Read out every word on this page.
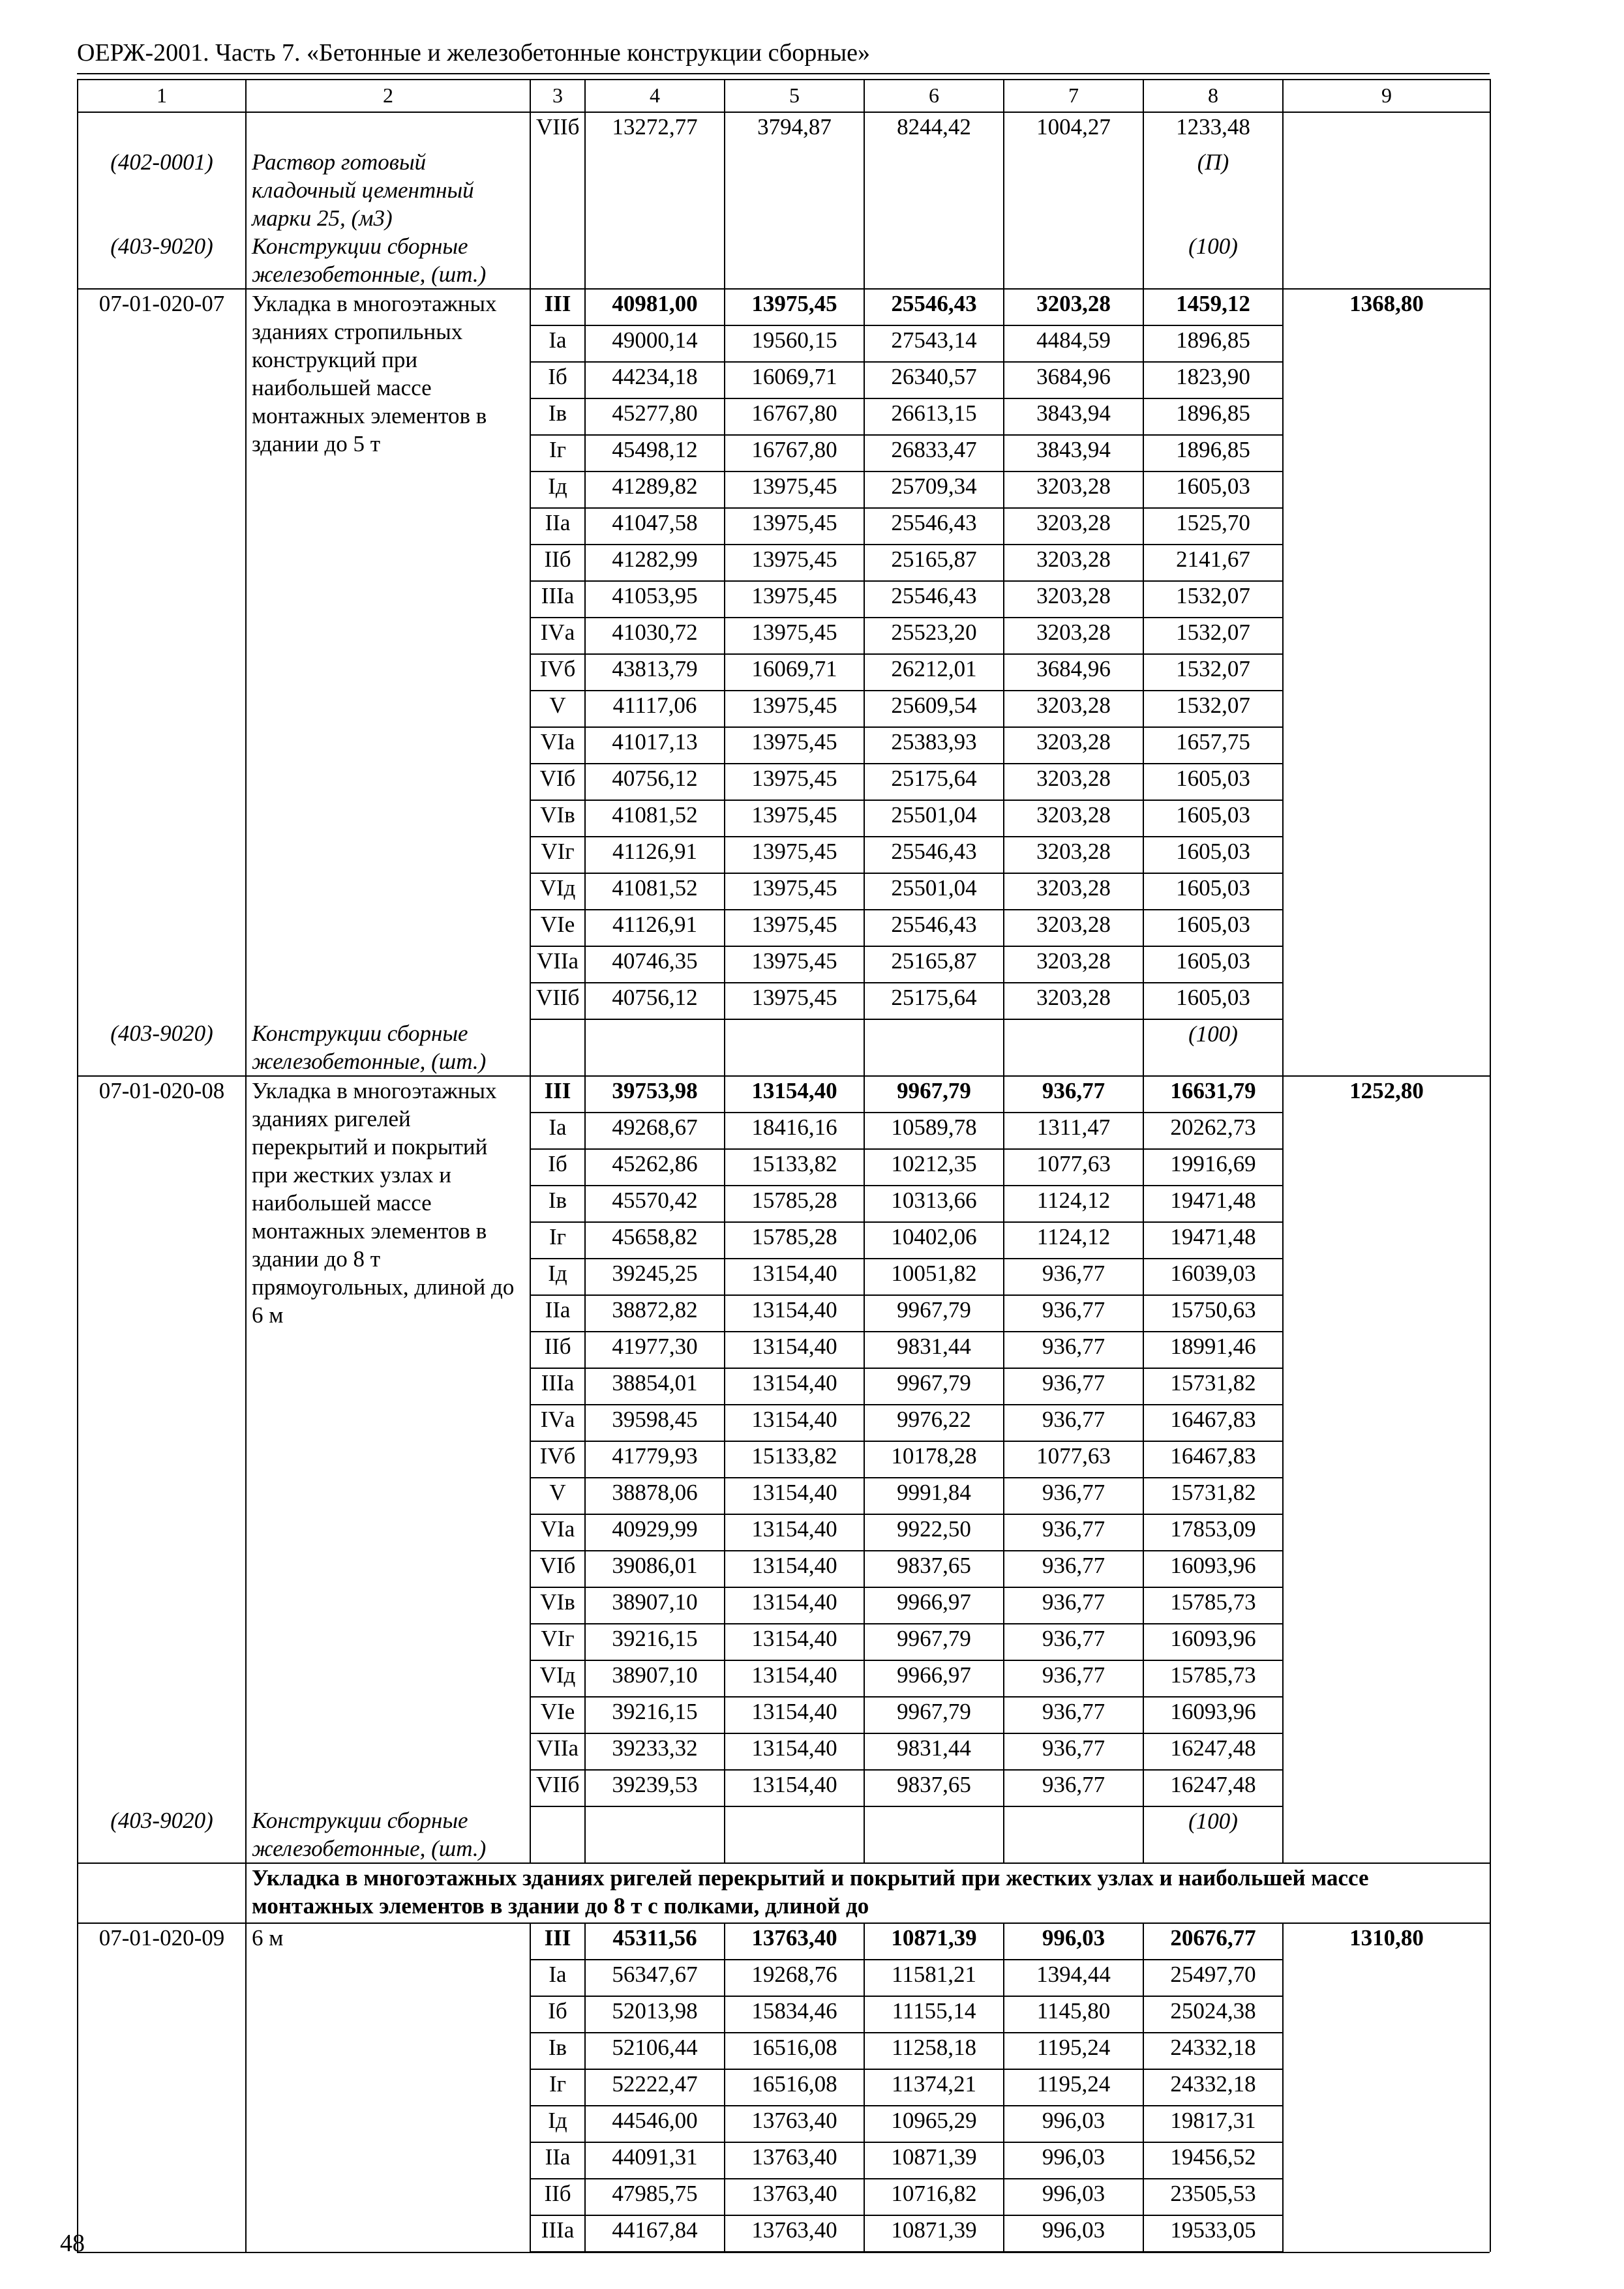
ОЕРЖ-2001. Часть 7. «Бетонные и железобетонные конструкции сборные»
1	2	3	4	5	6	7	8	9
		VIIб	13272,77	3794,87	8244,42	1004,27	1233,48	
(402-0001)	Раствор готовый кладочный цементный марки 25, (м3)						(П)	
(403-9020)	Конструкции сборные железобетонные, (шт.)						(100)	
07-01-020-07	Укладка в многоэтажных зданиях стропильных конструкций при наибольшей массе монтажных элементов в здании до 5 т	III	40981,00	13975,45	25546,43	3203,28	1459,12	1368,80
		Iа	49000,14	19560,15	27543,14	4484,59	1896,85	
		Iб	44234,18	16069,71	26340,57	3684,96	1823,90	
		Iв	45277,80	16767,80	26613,15	3843,94	1896,85	
		Iг	45498,12	16767,80	26833,47	3843,94	1896,85	
		Iд	41289,82	13975,45	25709,34	3203,28	1605,03	
		IIа	41047,58	13975,45	25546,43	3203,28	1525,70	
		IIб	41282,99	13975,45	25165,87	3203,28	2141,67	
		IIIа	41053,95	13975,45	25546,43	3203,28	1532,07	
		IVа	41030,72	13975,45	25523,20	3203,28	1532,07	
		IVб	43813,79	16069,71	26212,01	3684,96	1532,07	
		V	41117,06	13975,45	25609,54	3203,28	1532,07	
		VIа	41017,13	13975,45	25383,93	3203,28	1657,75	
		VIб	40756,12	13975,45	25175,64	3203,28	1605,03	
		VIв	41081,52	13975,45	25501,04	3203,28	1605,03	
		VIг	41126,91	13975,45	25546,43	3203,28	1605,03	
		VIд	41081,52	13975,45	25501,04	3203,28	1605,03	
		VIе	41126,91	13975,45	25546,43	3203,28	1605,03	
		VIIа	40746,35	13975,45	25165,87	3203,28	1605,03	
		VIIб	40756,12	13975,45	25175,64	3203,28	1605,03	
(403-9020)	Конструкции сборные железобетонные, (шт.)						(100)	
07-01-020-08	Укладка в многоэтажных зданиях ригелей перекрытий и покрытий при жестких узлах и наибольшей массе монтажных элементов в здании до 8 т прямоугольных, длиной до 6 м	III	39753,98	13154,40	9967,79	936,77	16631,79	1252,80
		Iа	49268,67	18416,16	10589,78	1311,47	20262,73	
		Iб	45262,86	15133,82	10212,35	1077,63	19916,69	
		Iв	45570,42	15785,28	10313,66	1124,12	19471,48	
		Iг	45658,82	15785,28	10402,06	1124,12	19471,48	
		Iд	39245,25	13154,40	10051,82	936,77	16039,03	
		IIа	38872,82	13154,40	9967,79	936,77	15750,63	
		IIб	41977,30	13154,40	9831,44	936,77	18991,46	
		IIIа	38854,01	13154,40	9967,79	936,77	15731,82	
		IVа	39598,45	13154,40	9976,22	936,77	16467,83	
		IVб	41779,93	15133,82	10178,28	1077,63	16467,83	
		V	38878,06	13154,40	9991,84	936,77	15731,82	
		VIа	40929,99	13154,40	9922,50	936,77	17853,09	
		VIб	39086,01	13154,40	9837,65	936,77	16093,96	
		VIв	38907,10	13154,40	9966,97	936,77	15785,73	
		VIг	39216,15	13154,40	9967,79	936,77	16093,96	
		VIд	38907,10	13154,40	9966,97	936,77	15785,73	
		VIе	39216,15	13154,40	9967,79	936,77	16093,96	
		VIIа	39233,32	13154,40	9831,44	936,77	16247,48	
		VIIб	39239,53	13154,40	9837,65	936,77	16247,48	
(403-9020)	Конструкции сборные железобетонные, (шт.)						(100)	
	Укладка в многоэтажных зданиях ригелей перекрытий и покрытий при жестких узлах и наибольшей массе монтажных элементов в здании до 8 т с полками, длиной до							
07-01-020-09	6 м	III	45311,56	13763,40	10871,39	996,03	20676,77	1310,80
		Iа	56347,67	19268,76	11581,21	1394,44	25497,70	
		Iб	52013,98	15834,46	11155,14	1145,80	25024,38	
		Iв	52106,44	16516,08	11258,18	1195,24	24332,18	
		Iг	52222,47	16516,08	11374,21	1195,24	24332,18	
		Iд	44546,00	13763,40	10965,29	996,03	19817,31	
		IIа	44091,31	13763,40	10871,39	996,03	19456,52	
		IIб	47985,75	13763,40	10716,82	996,03	23505,53	
		IIIа	44167,84	13763,40	10871,39	996,03	19533,05	
48
